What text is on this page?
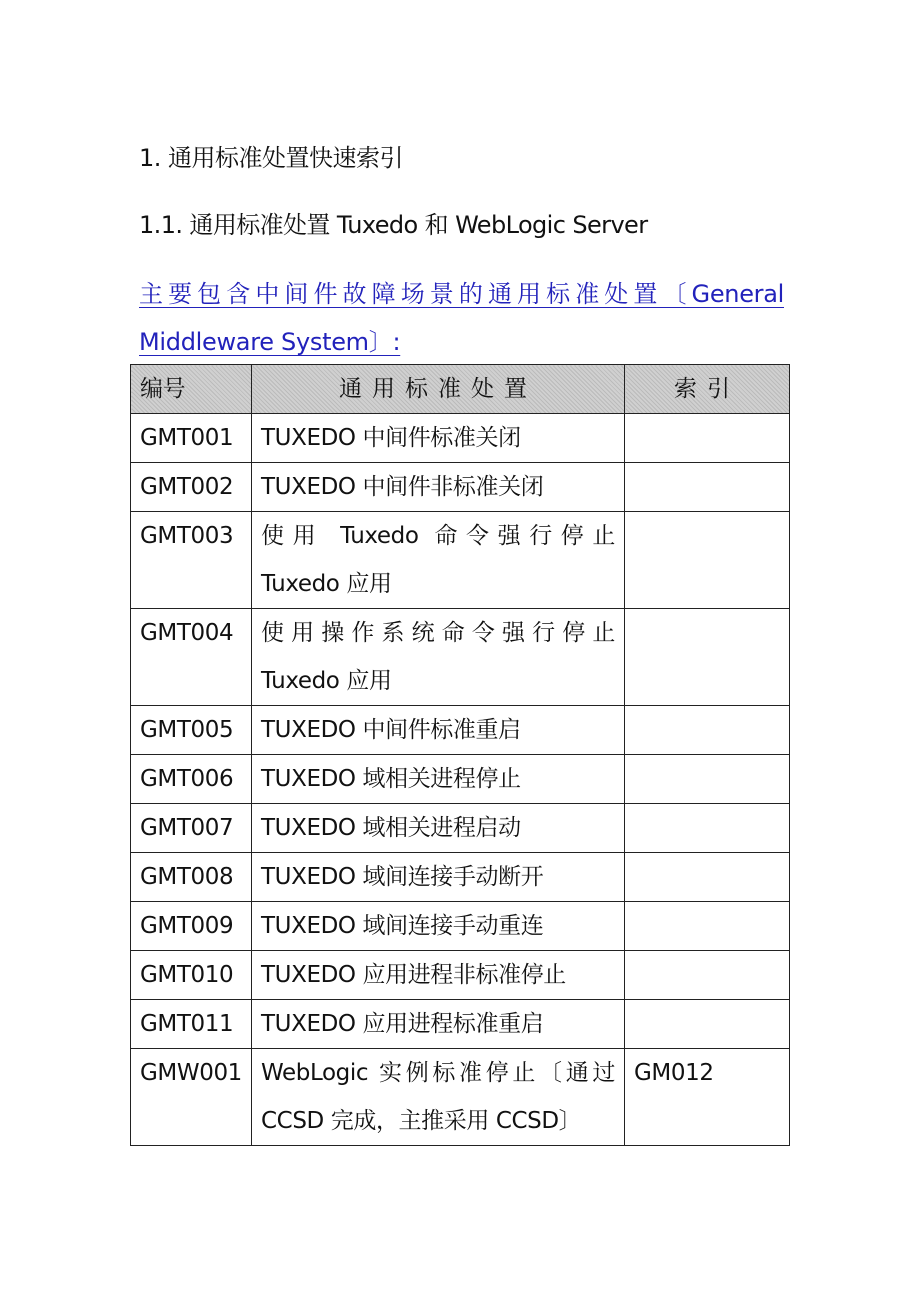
1. 通用标准处置快速索引
1.1. 通用标准处置 Tuxedo 和 WebLogic Server
主要包含中间件故障场景的通用标准处置〔General Middleware System〕:
编号	通用标准处置	索引
GMT001	TUXEDO 中间件标准关闭	
GMT002	TUXEDO 中间件非标准关闭	
GMT003	使用 Tuxedo 命令强行停止 Tuxedo 应用	
GMT004	使用操作系统命令强行停止 Tuxedo 应用	
GMT005	TUXEDO 中间件标准重启	
GMT006	TUXEDO 域相关进程停止	
GMT007	TUXEDO 域相关进程启动	
GMT008	TUXEDO 域间连接手动断开	
GMT009	TUXEDO 域间连接手动重连	
GMT010	TUXEDO 应用进程非标准停止	
GMT011	TUXEDO 应用进程标准重启	
GMW001	WebLogic 实例标准停止〔通过 CCSD 完成，主推采用 CCSD〕	GM012
